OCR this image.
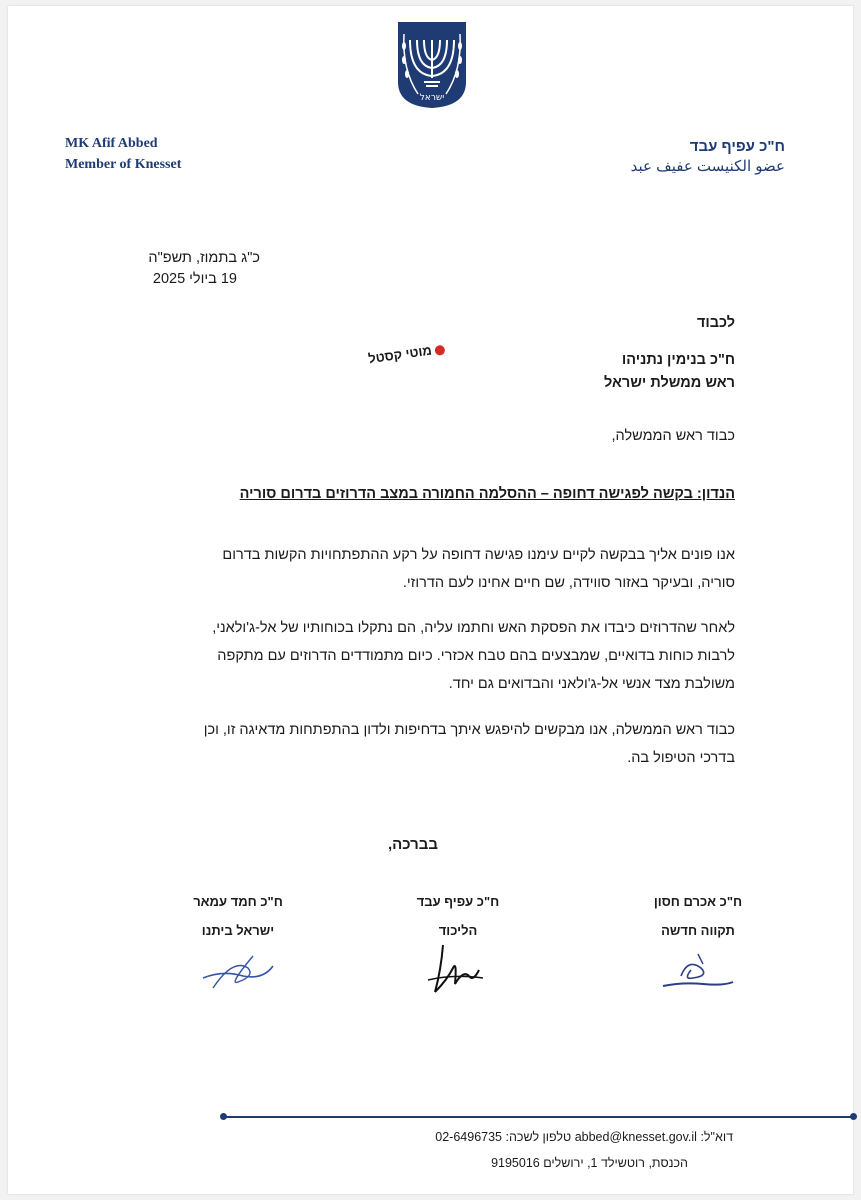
ישראל
MK Afif Abbed
Member of Knesset
ח"כ עפיף עבד
عضو الكنيست عفيف عبد
כ"ג בתמוז, תשפ"ה
19 ביולי 2025
לכבוד
ח"כ בנימין נתניהו
ראש ממשלת ישראל
מוטי קסטל
כבוד ראש הממשלה,
הנדון: בקשה לפגישה דחופה – ההסלמה החמורה במצב הדרוזים בדרום סוריה
אנו פונים אליך בבקשה לקיים עימנו פגישה דחופה על רקע ההתפתחויות הקשות בדרום
סוריה, ובעיקר באזור סווידה, שם חיים אחינו לעם הדרוזי.
לאחר שהדרוזים כיבדו את הפסקת האש וחתמו עליה, הם נתקלו בכוחותיו של אל-ג'ולאני,
לרבות כוחות בדואיים, שמבצעים בהם טבח אכזרי. כיום מתמודדים הדרוזים עם מתקפה
משולבת מצד אנשי אל-ג'ולאני והבדואים גם יחד.
כבוד ראש הממשלה, אנו מבקשים להיפגש איתך בדחיפות ולדון בהתפתחות מדאיגה זו, וכן
בדרכי הטיפול בה.
בברכה,
ח"כ אכרם חסון
תקווה חדשה
ח"כ עפיף עבד
הליכוד
ח"כ חמד עמאר
ישראל ביתנו
דוא"ל: abbed@knesset.gov.il טלפון לשכה: 02-6496735
הכנסת, רוטשילד 1, ירושלים 9195016
